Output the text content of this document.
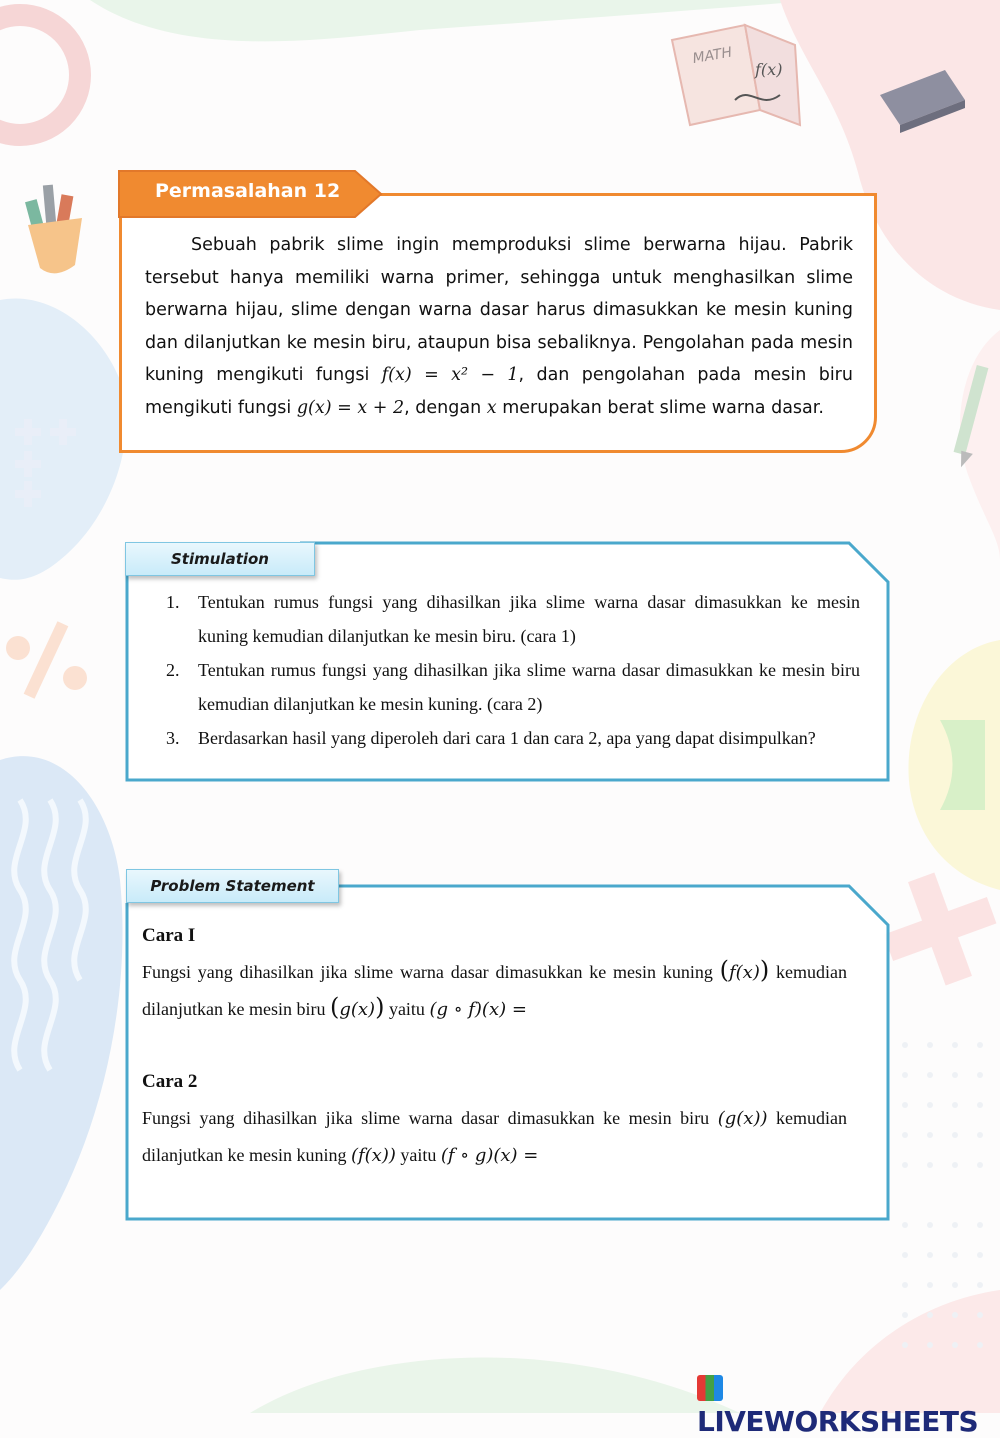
MATH
f(x)
Permasalahan 12
Sebuah pabrik slime ingin memproduksi slime berwarna hijau. Pabrik tersebut hanya memiliki warna primer, sehingga untuk menghasilkan slime berwarna hijau, slime dengan warna dasar harus dimasukkan ke mesin kuning dan dilanjutkan ke mesin biru, ataupun bisa sebaliknya. Pengolahan pada mesin kuning mengikuti fungsi f(x) = x² − 1, dan pengolahan pada mesin biru mengikuti fungsi g(x) = x + 2, dengan x merupakan berat slime warna dasar.
Stimulation
1. Tentukan rumus fungsi yang dihasilkan jika slime warna dasar dimasukkan ke mesin kuning kemudian dilanjutkan ke mesin biru. (cara 1)
2. Tentukan rumus fungsi yang dihasilkan jika slime warna dasar dimasukkan ke mesin biru kemudian dilanjutkan ke mesin kuning. (cara 2)
3. Berdasarkan hasil yang diperoleh dari cara 1 dan cara 2, apa yang dapat disimpulkan?
Problem Statement
Cara I

Fungsi yang dihasilkan jika slime warna dasar dimasukkan ke mesin kuning (f(x)) kemudian dilanjutkan ke mesin biru (g(x)) yaitu (g ∘ f)(x) =

Cara 2

Fungsi yang dihasilkan jika slime warna dasar dimasukkan ke mesin biru (g(x)) kemudian dilanjutkan ke mesin kuning (f(x)) yaitu (f ∘ g)(x) =

LIVEWORKSHEETS
